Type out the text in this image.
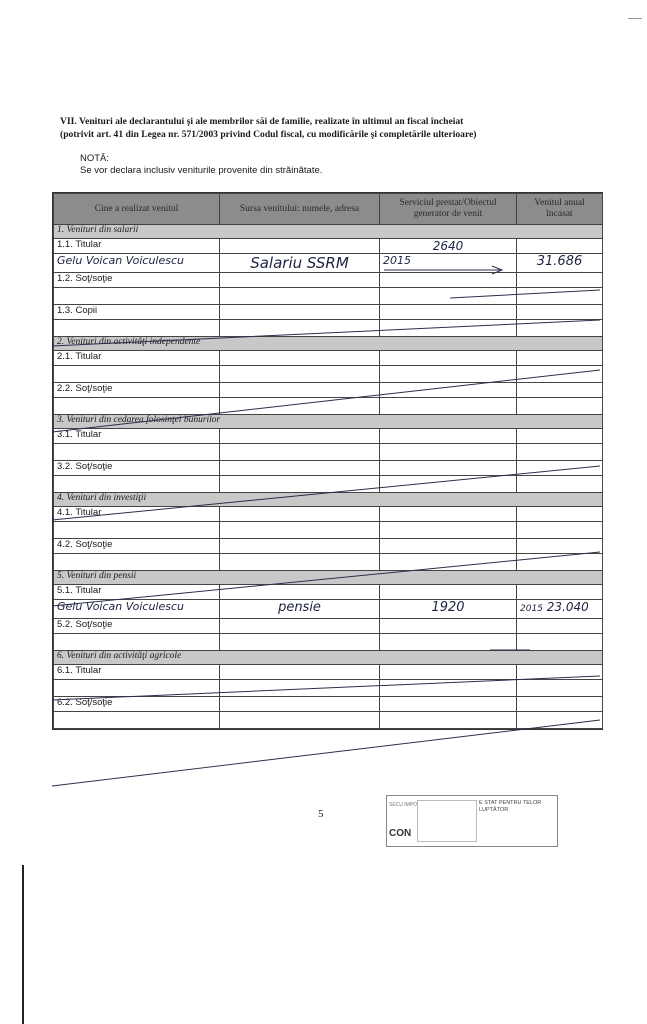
VII. Venituri ale declarantului şi ale membrilor săi de familie, realizate în ultimul an fiscal încheiat
(potrivit art. 41 din Legea nr. 571/2003 privind Codul fiscal, cu modificările şi completările ulterioare)
NOTĂ:
Se vor declara inclusiv veniturile provenite din străinătate.
Cine a realizat venitul	Sursa venitului: numele, adresa	Serviciul prestat/Obiectul generator de venit	Venitul anual încasat
1. Venituri din salarii			
1.1. Titular		2640	
Gelu Voican Voiculescu	Salariu SSRM	2015	31.686
1.2. Soţ/soţie			

1.3. Copii			

2. Venituri din activităţi independente			
2.1. Titular			

2.2. Soţ/soţie			

3. Venituri din cedarea folosinţei bunurilor			
3.1. Titular			

3.2. Soţ/soţie			

4. Venituri din investiţii			
4.1. Titular			

4.2. Soţ/soţie			

5. Venituri din pensii			
5.1. Titular			
Gelu Voican Voiculescu	pensie	1920	2015 23.040
5.2. Soţ/soţie			

6. Venituri din activităţi agricole			
6.1. Titular			

6.2. Soţ/soţie			

5
SECU IMPO	E STAT PENTRU TELOR LUPTĂTOR
CON
